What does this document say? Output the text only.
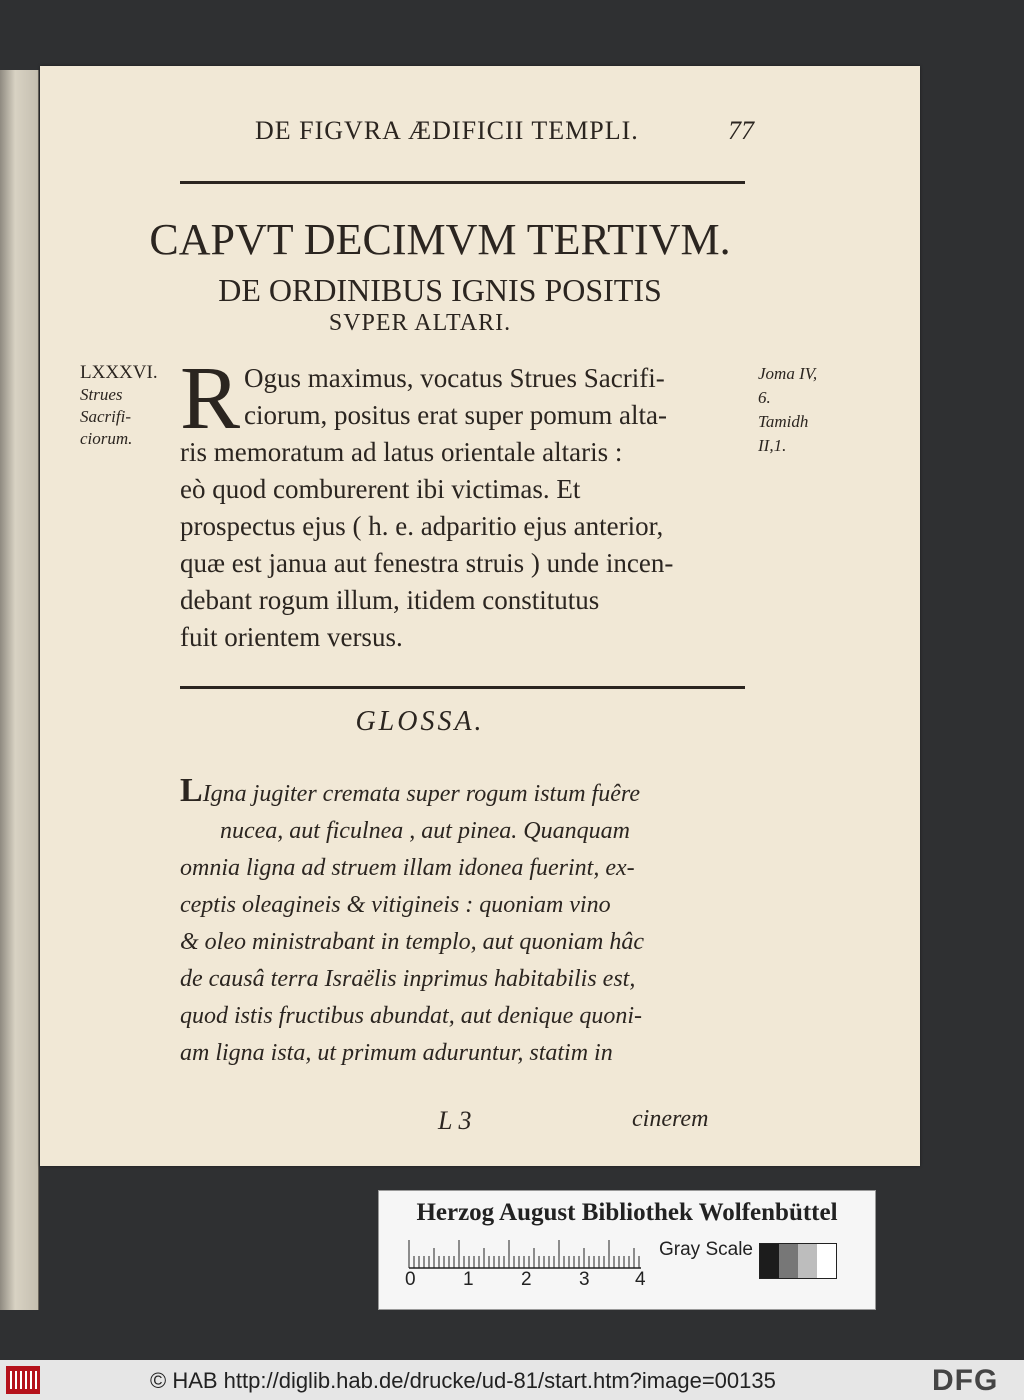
DE FIGVRA ÆDIFICII TEMPLI.	77
CAPVT DECIMVM TERTIVM.
DE ORDINIBUS IGNIS POSITIS
SVPER ALTARI.
LXXXVI.
Strues
Sacrifi-
ciorum.
Joma IV,
6.
Tamidh
II,1.
R Ogus maximus, vocatus Strues Sacrifi-
ciorum, positus erat super pomum alta-
ris memoratum ad latus orientale altaris :
eò quod comburerent ibi victimas. Et
prospectus ejus ( h. e. adparitio ejus anterior,
quæ est janua aut fenestra struis ) unde incen-
debant rogum illum, itidem constitutus
fuit orientem versus.
GLOSSA.
LIgna jugiter cremata super rogum istum fuêre
nucea, aut ficulnea , aut pinea. Quanquam
omnia ligna ad struem illam idonea fuerint, ex-
ceptis oleagineis & vitigineis : quoniam vino
& oleo ministrabant in templo, aut quoniam hâc
de causâ terra Israëlis inprimus habitabilis est,
quod istis fructibus abundat, aut denique quoni-
am ligna ista, ut primum aduruntur, statim in
L 3	cinerem
Herzog August Bibliothek Wolfenbüttel
0 1 2 3 4
Gray Scale
© HAB http://diglib.hab.de/drucke/ud-81/start.htm?image=00135	DFG
